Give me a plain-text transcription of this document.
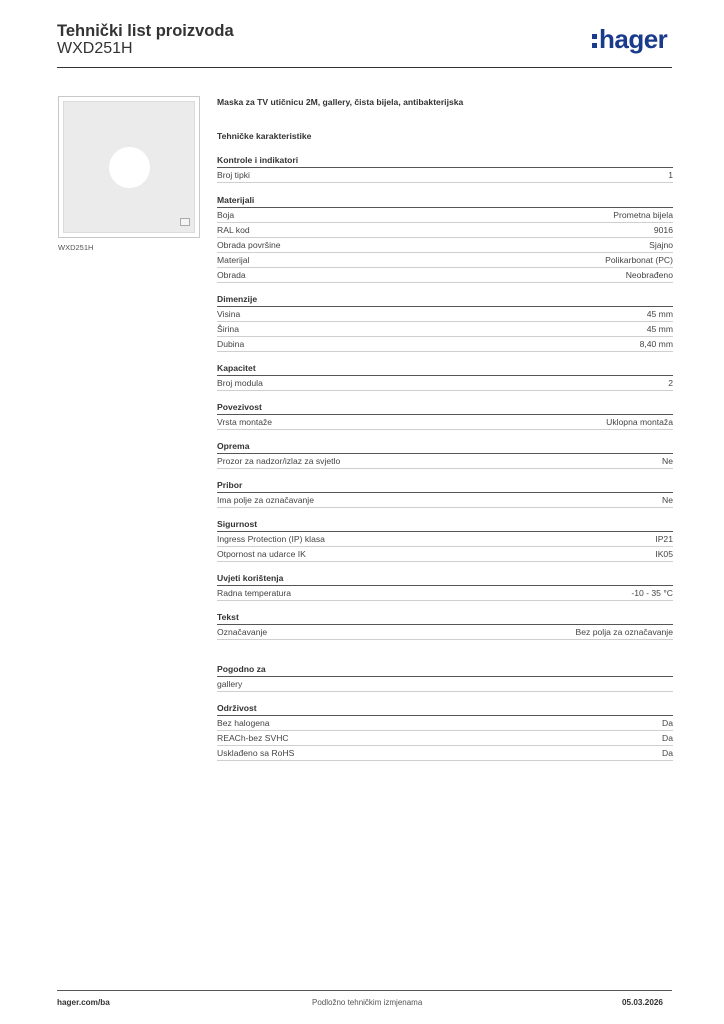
Tehnički list proizvoda
WXD251H	hager
WXD251H
Maska za TV utičnicu 2M, gallery, čista bijela, antibakterijska
Tehničke karakteristike
Kontrole i indikatori
Broj tipki	1
Materijali
Boja	Prometna bijela
RAL kod	9016
Obrada površine	Sjajno
Materijal	Polikarbonat (PC)
Obrada	Neobrađeno
Dimenzije
Visina	45 mm
Širina	45 mm
Dubina	8,40 mm
Kapacitet
Broj modula	2
Povezivost
Vrsta montaže	Uklopna montaža
Oprema
Prozor za nadzor/izlaz za svjetlo	Ne
Pribor
Ima polje za označavanje	Ne
Sigurnost
Ingress Protection (IP) klasa	IP21
Otpornost na udarce IK	IK05
Uvjeti korištenja
Radna temperatura	-10 - 35 °C
Tekst
Označavanje	Bez polja za označavanje
Pogodno za
gallery
Održivost
Bez halogena	Da
REACh-bez SVHC	Da
Usklađeno sa RoHS	Da
hager.com/ba	Podložno tehničkim izmjenama	05.03.2026
